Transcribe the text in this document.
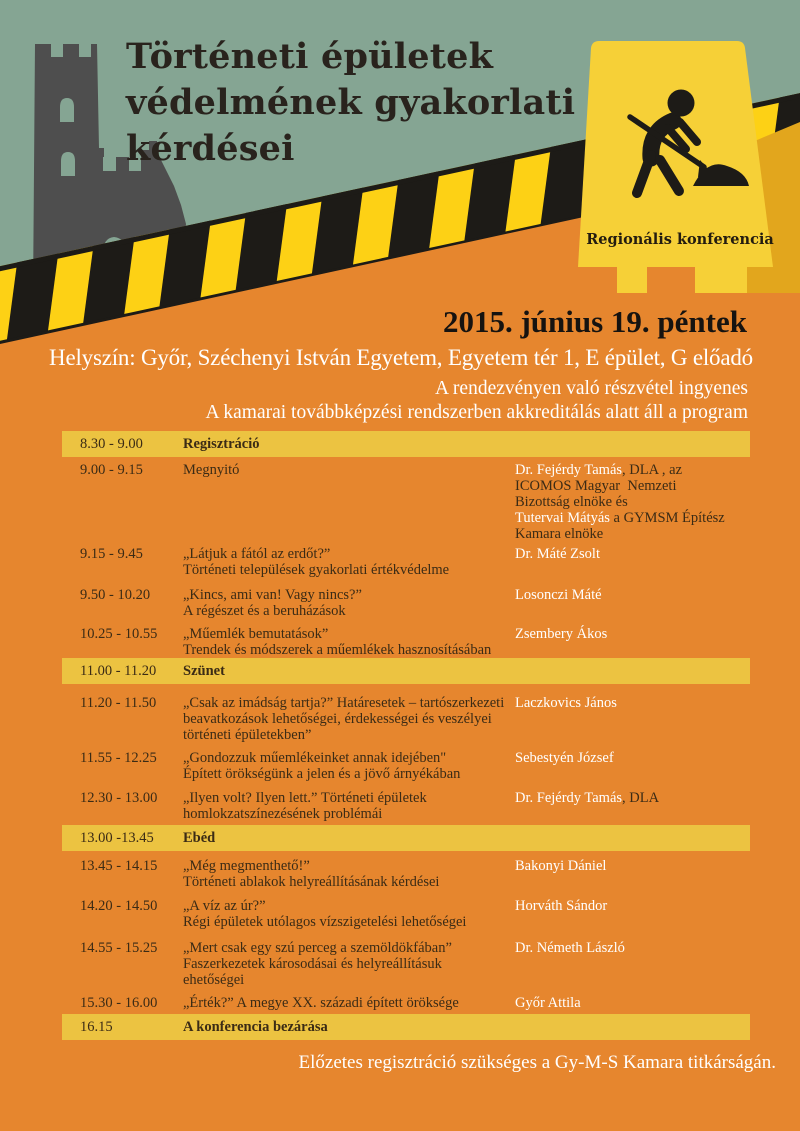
Regionális konferencia
Történeti épületek
védelmének gyakorlati
kérdései
2015. június 19. péntek
Helyszín: Győr, Széchenyi István Egyetem, Egyetem tér 1, E épület, G előadó
A rendezvényen való részvétel ingyenes
A kamarai továbbképzési rendszerben akkreditálás alatt áll a program
8.30 - 9.00	Regisztráció
9.00 - 9.15	Megnyitó	Dr. Fejérdy Tamás, DLA , az
ICOMOS Magyar  Nemzeti
Bizottság elnöke és
Tutervai Mátyás a GYMSM Építész
Kamara elnöke
9.15 - 9.45	„Látjuk a fától az erdőt?”
Történeti települések gyakorlati értékvédelme
Dr. Máté Zsolt
9.50 - 10.20 „Kincs, ami van! Vagy nincs?”
A régészet és a beruházások
Losonczi Máté
10.25 - 10.55 „Műemlék bemutatások”
Trendek és módszerek a műemlékek hasznosításában
Zsembery Ákos
11.00 - 11.20 Szünet
11.20 - 11.50 „Csak az imádság tartja?” Határesetek – tartószerkezeti
beavatkozások lehetőségei, érdekességei és veszélyei
történeti épületekben”
Laczkovics János
11.55 - 12.25 „Gondozzuk műemlékeinket annak idejében"
Épített örökségünk a jelen és a jövő árnyékában
Sebestyén József
12.30 - 13.00 „Ilyen volt? Ilyen lett.” Történeti épületek
homlokzatszínezésének problémái
Dr. Fejérdy Tamás, DLA
13.00 -13.45 Ebéd
13.45 - 14.15 „Még megmenthető!”
Történeti ablakok helyreállításának kérdései
Bakonyi Dániel
14.20 - 14.50 „A víz az úr?”
Régi épületek utólagos vízszigetelési lehetőségei
Horváth Sándor
14.55 - 15.25 „Mert csak egy szú perceg a szemöldökfában”
Faszerkezetek károsodásai és helyreállításuk
ehetőségei
Dr. Németh László
15.30 - 16.00 „Érték?” A megye XX. századi épített öröksége	Győr Attila
16.15	A konferencia bezárása
Előzetes regisztráció szükséges a Gy-M-S Kamara titkárságán.
